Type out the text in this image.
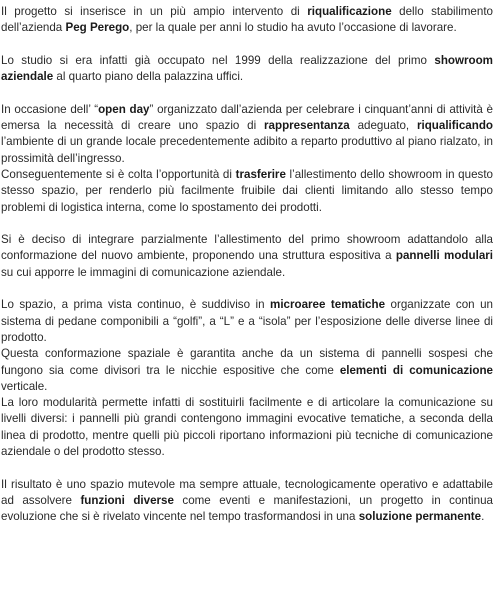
Il progetto si inserisce in un più ampio intervento di riqualificazione dello stabilimento dell’azienda Peg Perego, per la quale per anni lo studio ha avuto l’occasione di lavorare.

Lo studio si era infatti già occupato nel 1999 della realizzazione del primo showroom aziendale al quarto piano della palazzina uffici.

In occasione dell’ “open day” organizzato dall’azienda per celebrare i cinquant’anni di attività è emersa la necessità di creare uno spazio di rappresentanza adeguato, riqualificando l’ambiente di un grande locale precedentemente adibito a reparto produttivo al piano rialzato, in prossimità dell’ingresso.
Conseguentemente si è colta l’opportunità di trasferire l’allestimento dello showroom in questo stesso spazio, per renderlo più facilmente fruibile dai clienti limitando allo stesso tempo problemi di logistica interna, come lo spostamento dei prodotti.

Si è deciso di integrare parzialmente l’allestimento del primo showroom adattandolo alla conformazione del nuovo ambiente, proponendo una struttura espositiva a pannelli modulari su cui apporre le immagini di comunicazione aziendale.

Lo spazio, a prima vista continuo, è suddiviso in microaree tematiche organizzate con un sistema di pedane componibili a “golfi”, a “L” e a “isola” per l’esposizione delle diverse linee di prodotto.
Questa conformazione spaziale è garantita anche da un sistema di pannelli sospesi che fungono sia come divisori tra le nicchie espositive che come elementi di comunicazione verticale.
La loro modularità permette infatti di sostituirli facilmente e di articolare la comunicazione su livelli diversi: i pannelli più grandi contengono immagini evocative tematiche, a seconda della linea di prodotto, mentre quelli più piccoli riportano informazioni più tecniche di comunicazione aziendale o del prodotto stesso.

Il risultato è uno spazio mutevole ma sempre attuale, tecnologicamente operativo e adattabile ad assolvere funzioni diverse come eventi e manifestazioni, un progetto in continua evoluzione che si è rivelato vincente nel tempo trasformandosi in una soluzione permanente.
